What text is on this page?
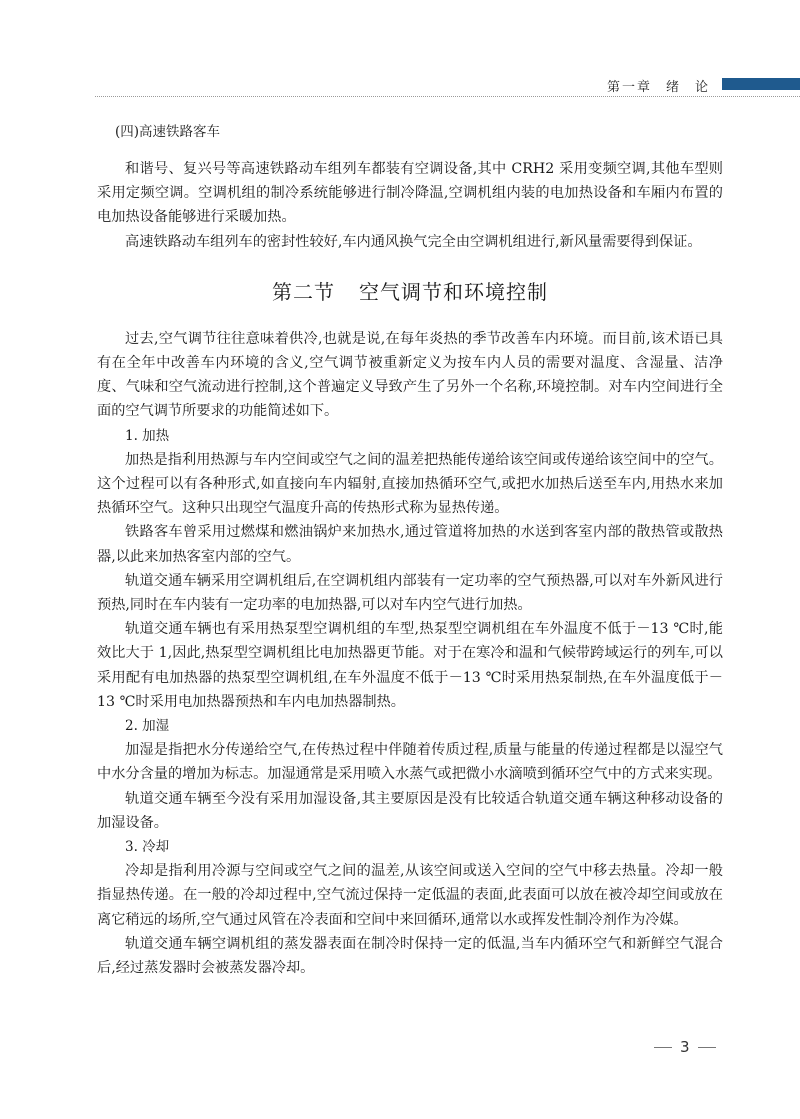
第一章 绪 论
(四)高速铁路客车

和谐号、复兴号等高速铁路动车组列车都装有空调设备,其中 CRH2 采用变频空调,其他车型则采用定频空调。空调机组的制冷系统能够进行制冷降温,空调机组内装的电加热设备和车厢内布置的电加热设备能够进行采暖加热。

高速铁路动车组列车的密封性较好,车内通风换气完全由空调机组进行,新风量需要得到保证。

第二节 空气调节和环境控制

过去,空气调节往往意味着供冷,也就是说,在每年炎热的季节改善车内环境。而目前,该术语已具有在全年中改善车内环境的含义,空气调节被重新定义为按车内人员的需要对温度、含湿量、洁净度、气味和空气流动进行控制,这个普遍定义导致产生了另外一个名称,环境控制。对车内空间进行全面的空气调节所要求的功能简述如下。

1. 加热

加热是指利用热源与车内空间或空气之间的温差把热能传递给该空间或传递给该空间中的空气。这个过程可以有各种形式,如直接向车内辐射,直接加热循环空气,或把水加热后送至车内,用热水来加热循环空气。这种只出现空气温度升高的传热形式称为显热传递。

铁路客车曾采用过燃煤和燃油锅炉来加热水,通过管道将加热的水送到客室内部的散热管或散热器,以此来加热客室内部的空气。

轨道交通车辆采用空调机组后,在空调机组内部装有一定功率的空气预热器,可以对车外新风进行预热,同时在车内装有一定功率的电加热器,可以对车内空气进行加热。

轨道交通车辆也有采用热泵型空调机组的车型,热泵型空调机组在车外温度不低于－13 ℃时,能效比大于 1,因此,热泵型空调机组比电加热器更节能。对于在寒冷和温和气候带跨域运行的列车,可以采用配有电加热器的热泵型空调机组,在车外温度不低于－13 ℃时采用热泵制热,在车外温度低于－13 ℃时采用电加热器预热和车内电加热器制热。

2. 加湿

加湿是指把水分传递给空气,在传热过程中伴随着传质过程,质量与能量的传递过程都是以湿空气中水分含量的增加为标志。加湿通常是采用喷入水蒸气或把微小水滴喷到循环空气中的方式来实现。

轨道交通车辆至今没有采用加湿设备,其主要原因是没有比较适合轨道交通车辆这种移动设备的加湿设备。

3. 冷却

冷却是指利用冷源与空间或空气之间的温差,从该空间或送入空间的空气中移去热量。冷却一般指显热传递。在一般的冷却过程中,空气流过保持一定低温的表面,此表面可以放在被冷却空间或放在离它稍远的场所,空气通过风管在冷表面和空间中来回循环,通常以水或挥发性制冷剂作为冷媒。

轨道交通车辆空调机组的蒸发器表面在制冷时保持一定的低温,当车内循环空气和新鲜空气混合后,经过蒸发器时会被蒸发器冷却。

3
